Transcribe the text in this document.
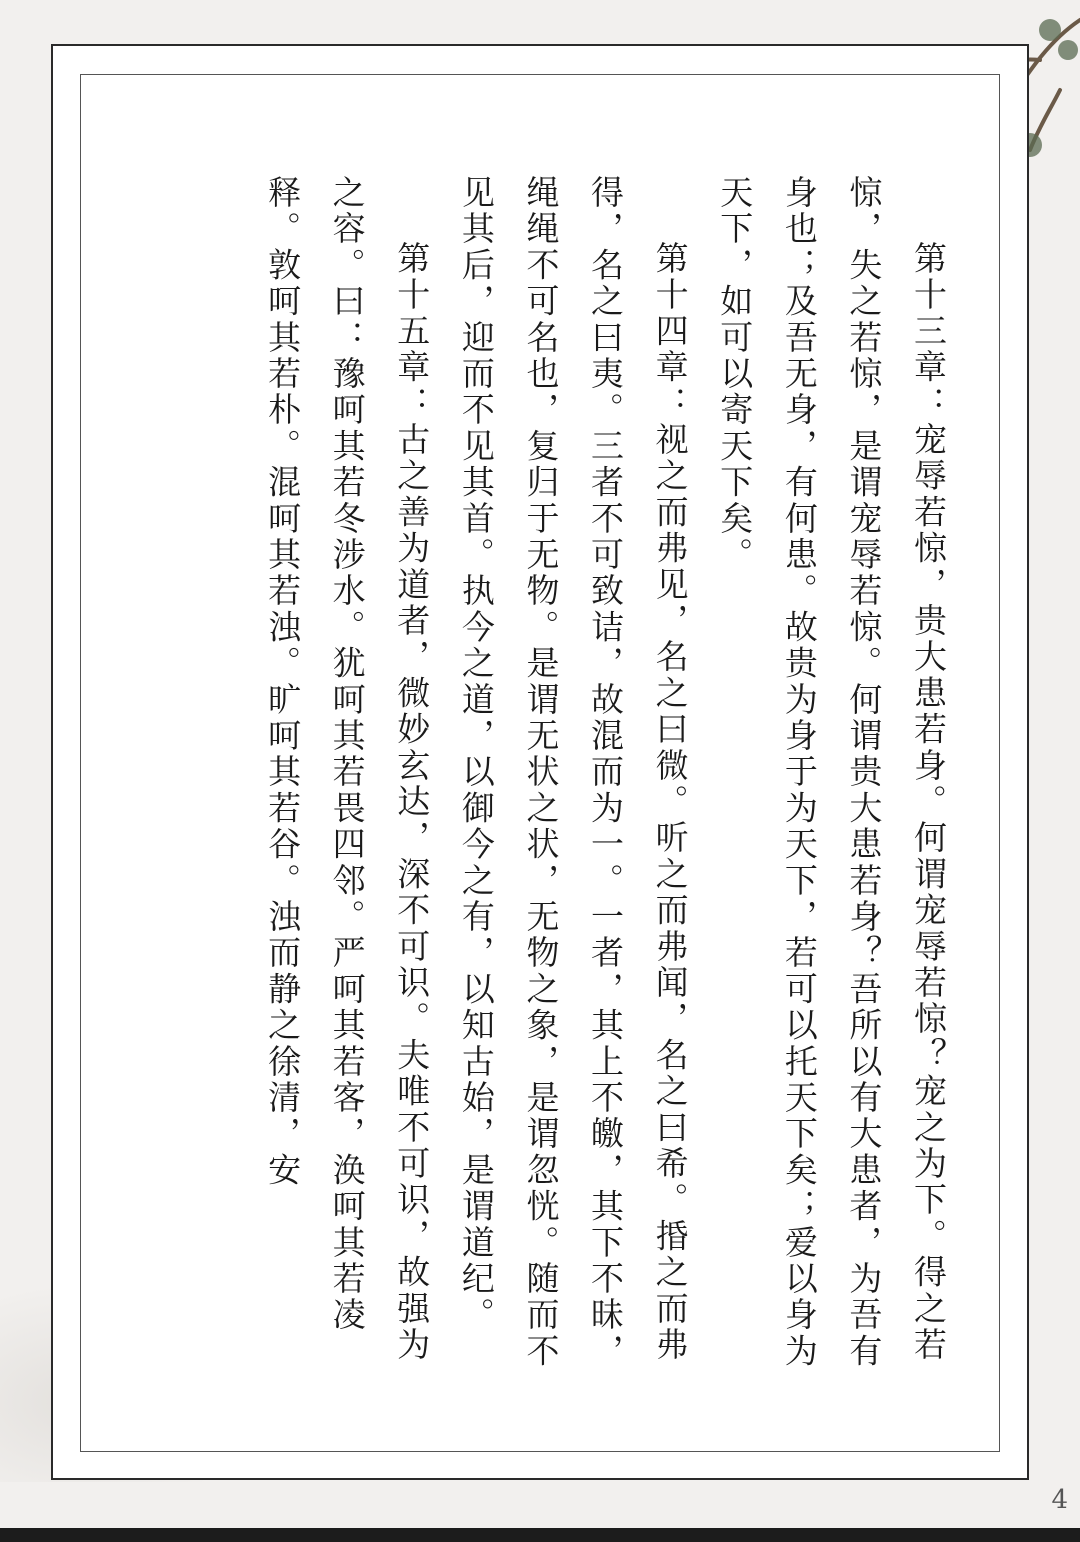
第十三章：宠辱若惊，贵大患若身。何谓宠辱若惊？宠之为下。得之若惊，失之若惊，是谓宠辱若惊。何谓贵大患若身？吾所以有大患者，为吾有身也；及吾无身，有何患。故贵为身于为天下，若可以托天下矣；爱以身为天下，如可以寄天下矣。

第十四章：视之而弗见，名之曰微。听之而弗闻，名之曰希。捪之而弗得，名之曰夷。三者不可致诘，故混而为一。一者，其上不皦，其下不昧，绳绳不可名也，复归于无物。是谓无状之状，无物之象，是谓忽恍。随而不见其后，迎而不见其首。执今之道，以御今之有，以知古始，是谓道纪。

第十五章：古之善为道者，微妙玄达，深不可识。夫唯不可识，故强为之容。曰：豫呵其若冬涉水。犹呵其若畏四邻。严呵其若客，涣呵其若凌释。敦呵其若朴。混呵其若浊。旷呵其若谷。浊而静之徐清，安

4
